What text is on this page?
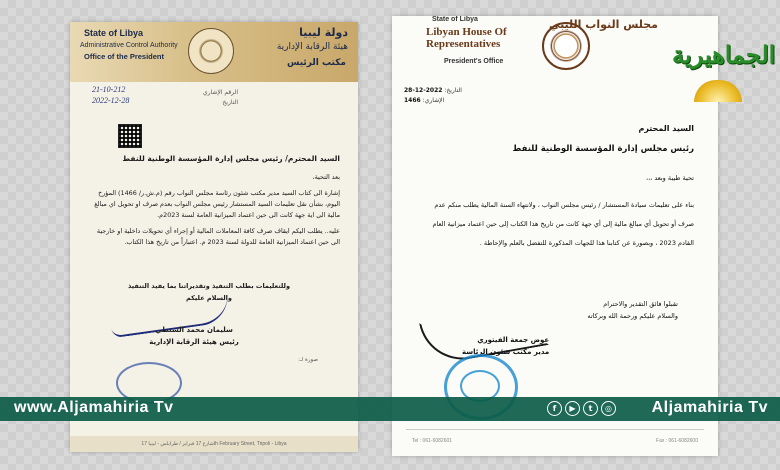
State of Libya
Administrative Control Authority
Office of the President
دولة ليبيا
هيئة الرقابة الإدارية
مكتب الرئيس
21-10-212
2022-12-28
الرقم الإشاري
التاريخ
السيد المحترم/ رئيس مجلس إدارة المؤسسة الوطنية للنفط

بعد التحية،

إشارة الى كتاب السيد مدير مكتب شئون رئاسة مجلس النواب رقم (م.ش.ر/ 1466) المؤرخ اليوم، بشأن نقل تعليمات السيد المستشار رئيس مجلس النواب بعدم صرف او تحويل اي مبالغ مالية الى اية جهة كانت الى حين اعتماد الميزانية العامة لسنة 2023م.

عليه.. يطلب اليكم ايقاف صرف كافة المعاملات المالية أو إجراء أي تحويلات داخلية او خارجية الى حين اعتماد الميزانية العامة للدولة لسنة 2023 م. اعتباراً من تاريخ هذا الكتاب.

وللتعليمات بطلب التنفيذ وتقديراتنا بما يفيد التنفيذ
والسلام عليكم
سليمان محمد الشنطي
رئيس هيئة الرقابة الإدارية
صورة لـ:
شارع 17 فبراير / طرابلس - ليبيا 17th February Street, Tripoli - Libya
State of Libya
Libyan House Of
Representatives
President's Office
مجلس النواب الليبي
التاريخ: 2022-12-28
الإشاري: 1466
السيد المحترم
رئيس مجلس إدارة المؤسسة الوطنية للنفط
تحية طيبة وبعد ،،،
بناء على تعليمات سيادة المستشار / رئيس مجلس النواب ، ولانتهاء السنة المالية يطلب منكم عدم صرف أو تحويل أي مبالغ مالية إلى أي جهة كانت من تاريخ هذا الكتاب إلى حين اعتماد ميزانية العام القادم 2023 ، وبصورة عن كتابنا هذا للجهات المذكورة للتفضل بالعلم والإحاطة .
تقبلوا فائق التقدير والاحترام
والسلام عليكم ورحمة الله وبركاته
عوض جمعة الفيتوري
مدير مكتب شئون الرئاسة
Tel : 061-6082601	Fax : 061-6082600
الجماهيرية
www.Aljamahiria Tv	Aljamahiria Tv
f	▶	t	◎
